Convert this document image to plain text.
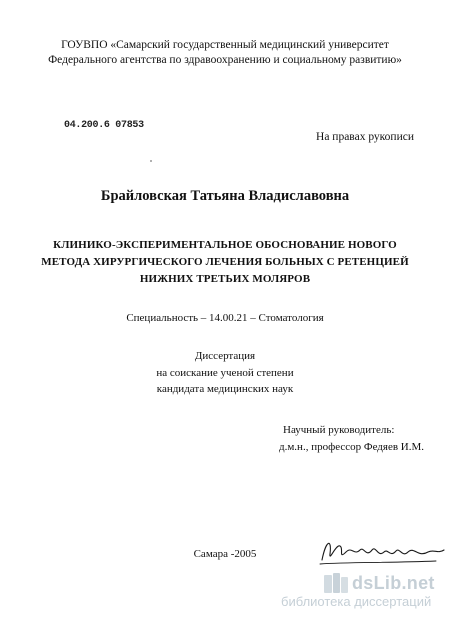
ГОУВПО «Самарский государственный медицинский университет
Федерального агентства по здравоохранению и социальному развитию»
04.200.6 07853
На правах рукописи
Брайловская Татьяна Владиславовна
КЛИНИКО-ЭКСПЕРИМЕНТАЛЬНОЕ ОБОСНОВАНИЕ НОВОГО
МЕТОДА ХИРУРГИЧЕСКОГО ЛЕЧЕНИЯ БОЛЬНЫХ С РЕТЕНЦИЕЙ
НИЖНИХ ТРЕТЬИХ МОЛЯРОВ
Специальность – 14.00.21 – Стоматология
Диссертация
на соискание ученой степени
кандидата медицинских наук
Научный руководитель:
д.м.н., профессор Федяев И.М.
Самара -2005
dsLib.net
библиотека диссертаций
